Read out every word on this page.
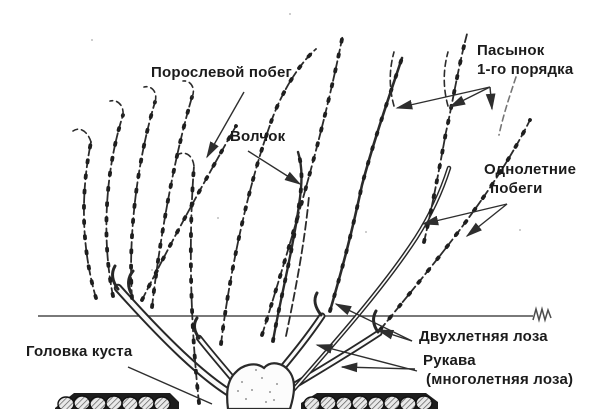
Порослевой побег
Волчок
Пасынок
1-го порядка
Однолетние
побеги
Двухлетняя лоза
Рукава
(многолетняя лоза)
Головка куста
